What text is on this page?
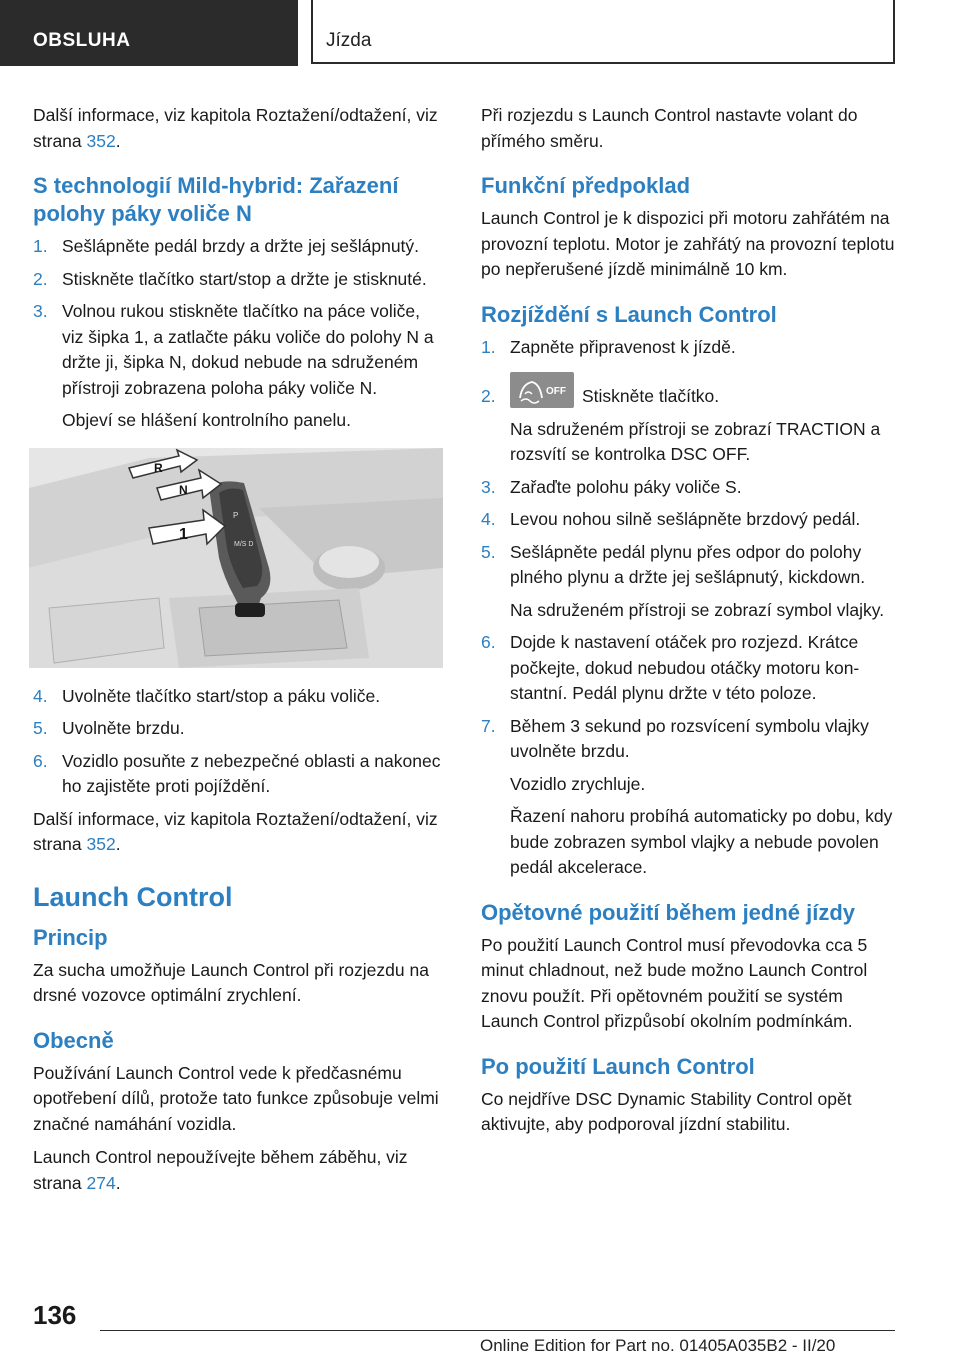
OBSLUHA	Jízda

Další informace, viz kapitola Roztažení/odtažení, viz strana 352.

S technologií Mild-hybrid: Zařazení polohy páky voliče N
1. Sešlápněte pedál brzdy a držte jej sešlápnutý.
2. Stiskněte tlačítko start/stop a držte je stisknuté.
3. Volnou rukou stiskněte tlačítko na páce voliče, viz šipka 1, a zatlačte páku voliče do polohy N a držte ji, šipka N, dokud nebude na sdruženém přístroji zobrazena poloha páky voliče N.
Objeví se hlášení kontrolního panelu.
P
M/S D
R
N
1
4. Uvolněte tlačítko start/stop a páku voliče.
5. Uvolněte brzdu.
6. Vozidlo posuňte z nebezpečné oblasti a nakonec ho zajistěte proti pojíždění.

Další informace, viz kapitola Roztažení/odtažení, viz strana 352.

Launch Control
Princip

Za sucha umožňuje Launch Control při rozjezdu na drsné vozovce optimální zrychlení.

Obecně

Používání Launch Control vede k předčasnému opotřebení dílů, protože tato funkce způsobuje velmi značné namáhání vozidla.

Launch Control nepoužívejte během záběhu, viz strana 274.

Při rozjezdu s Launch Control nastavte volant do přímého směru.

Funkční předpoklad

Launch Control je k dispozici při motoru zahřátém na provozní teplotu. Motor je zahřátý na provozní teplotu po nepřerušené jízdě minimálně 10 km.

Rozjíždění s Launch Control
1. Zapněte připravenost k jízdě.
2.	OFF Stiskněte tlačítko.
Na sdruženém přístroji se zobrazí TRACTION a rozsvítí se kontrolka DSC OFF.
3. Zařaďte polohu páky voliče S.
4. Levou nohou silně sešlápněte brzdový pedál.
5. Sešlápněte pedál plynu přes odpor do polohy plného plynu a držte jej sešlápnutý, kickdown.
Na sdruženém přístroji se zobrazí symbol vlajky.
6. Dojde k nastavení otáček pro rozjezd. Krátce počkejte, dokud nebudou otáčky motoru konstantní. Pedál plynu držte v této poloze.
7. Během 3 sekund po rozsvícení symbolu vlajky uvolněte brzdu.
Vozidlo zrychluje.
Řazení nahoru probíhá automaticky po dobu, kdy bude zobrazen symbol vlajky a nebude povolen pedál akcelerace.
Opětovné použití během jedné jízdy

Po použití Launch Control musí převodovka cca 5 minut chladnout, než bude možno Launch Control znovu použít. Při opětovném použití se systém Launch Control přizpůsobí okolním podmínkám.

Po použití Launch Control

Co nejdříve DSC Dynamic Stability Control opět aktivujte, aby podporoval jízdní stabilitu.

136
Online Edition for Part no. 01405A035B2 - II/20
